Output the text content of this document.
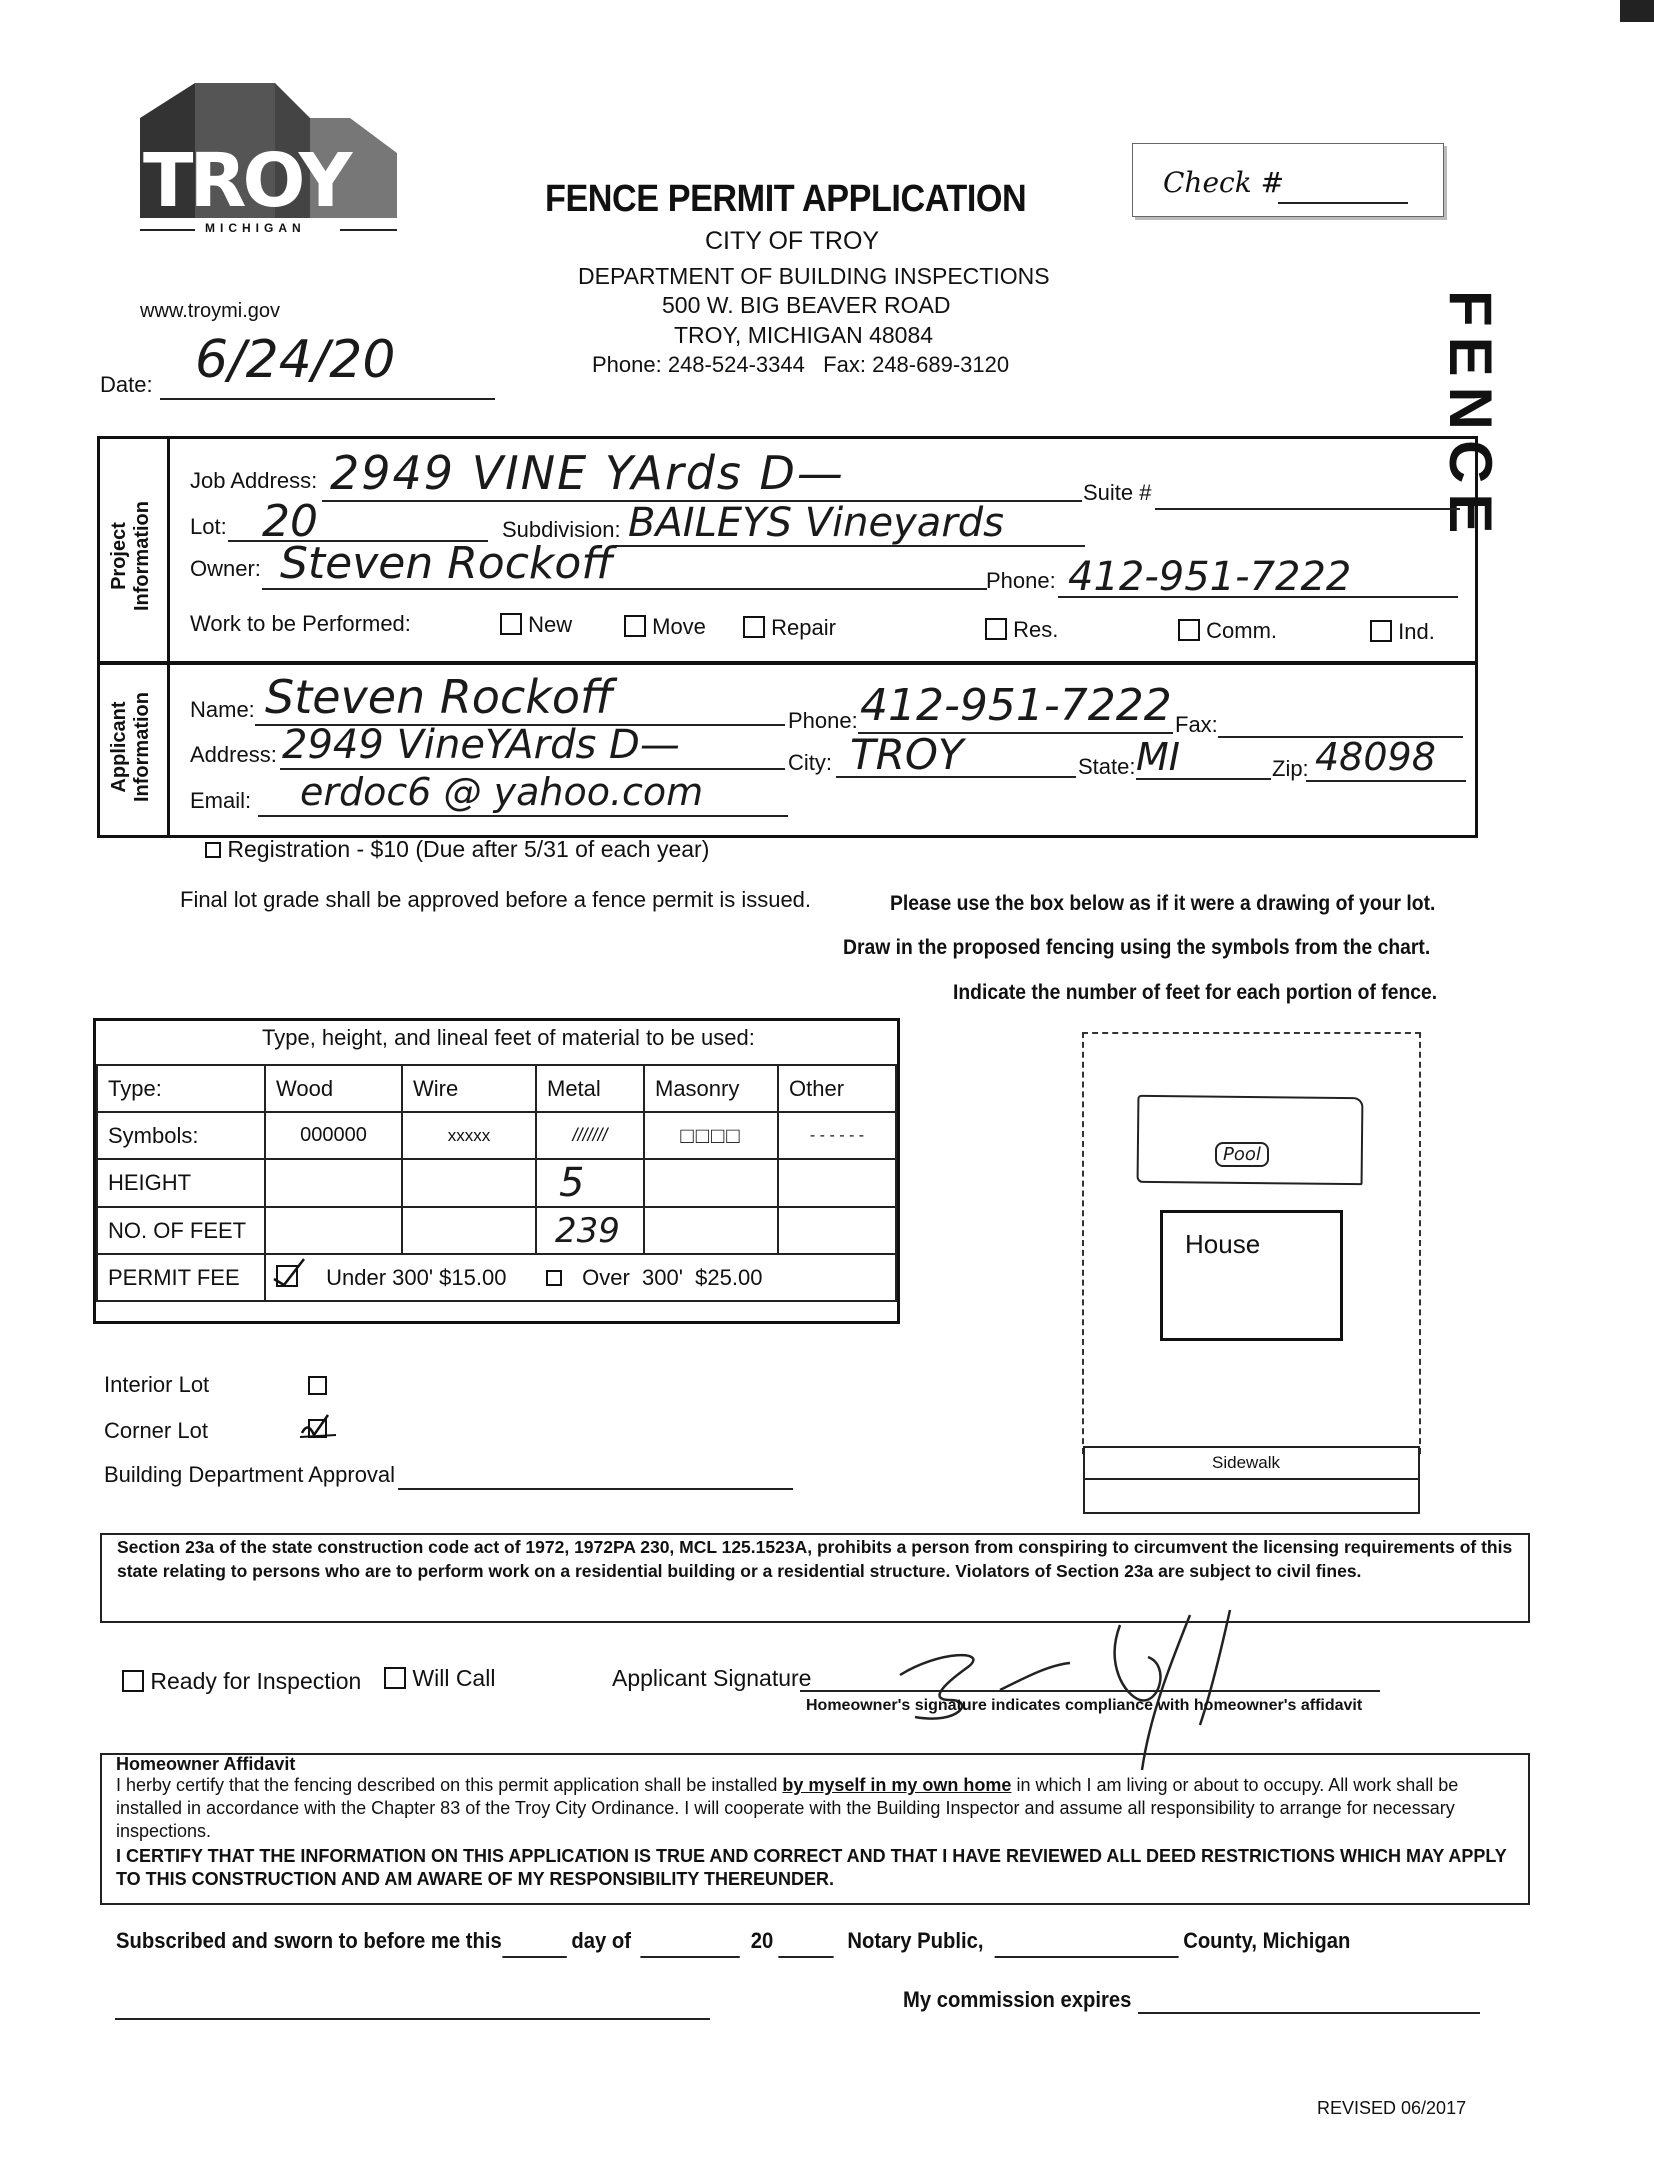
TROY
MICHIGAN
www.troymi.gov
Date: 6/24/20
FENCE PERMIT APPLICATION
CITY OF TROY
DEPARTMENT OF BUILDING INSPECTIONS
500 W. BIG BEAVER ROAD
TROY, MICHIGAN 48084
Phone: 248-524-3344   Fax: 248-689-3120
Check #
FENCE
Project Information
Job Address: 2949 VINE YArds D—	Suite #
Lot: 20	Subdivision: BAILEYS Vineyards
Owner: Steven Rockoff	Phone: 412-951-7222
Work to be Performed:	New	Move	Repair	Res.	Comm.	Ind.
Applicant Information Name: Steven Rockoff	Phone: 412-951-7222 Fax:
Address: 2949 VineYArds D—	City: TROY	State: MI	Zip: 48098
Email: erdoc6 @ yahoo.com
Registration - $10 (Due after 5/31 of each year)
Final lot grade shall be approved before a fence permit is issued.	Please use the box below as if it were a drawing of your lot.
Draw in the proposed fencing using the symbols from the chart.
Indicate the number of feet for each portion of fence.
Type, height, and lineal feet of material to be used:
Type:	Wood	Wire	Metal	Masonry	Other
Symbols:	000000	xxxxx	///////	□□□□	- - - - - -
HEIGHT			5		
NO. OF FEET			239		
PERMIT FEE	Under 300' $15.00		Over  300'  $25.00		
Interior Lot
Corner Lot
Building Department Approval
Pool
House
Sidewalk
Section 23a of the state construction code act of 1972, 1972PA 230, MCL 125.1523A, prohibits a person from conspiring to circumvent the licensing requirements of this state relating to persons who are to perform work on a residential building or a residential structure. Violators of Section 23a are subject to civil fines.
Ready for Inspection	Will Call	Applicant Signature
Homeowner's signature indicates compliance with homeowner's affidavit
Homeowner Affidavit
I herby certify that the fencing described on this permit application shall be installed by myself in my own home in which I am living or about to occupy. All work shall be installed in accordance with the Chapter 83 of the Troy City Ordinance. I will cooperate with the Building Inspector and assume all responsibility to arrange for necessary inspections.
I CERTIFY THAT THE INFORMATION ON THIS APPLICATION IS TRUE AND CORRECT AND THAT I HAVE REVIEWED ALL DEED RESTRICTIONS WHICH MAY APPLY TO THIS CONSTRUCTION AND AM AWARE OF MY RESPONSIBILITY THEREUNDER.
Subscribed and sworn to before me this	day of	20	Notary Public,	County, Michigan
My commission expires
REVISED 06/2017
